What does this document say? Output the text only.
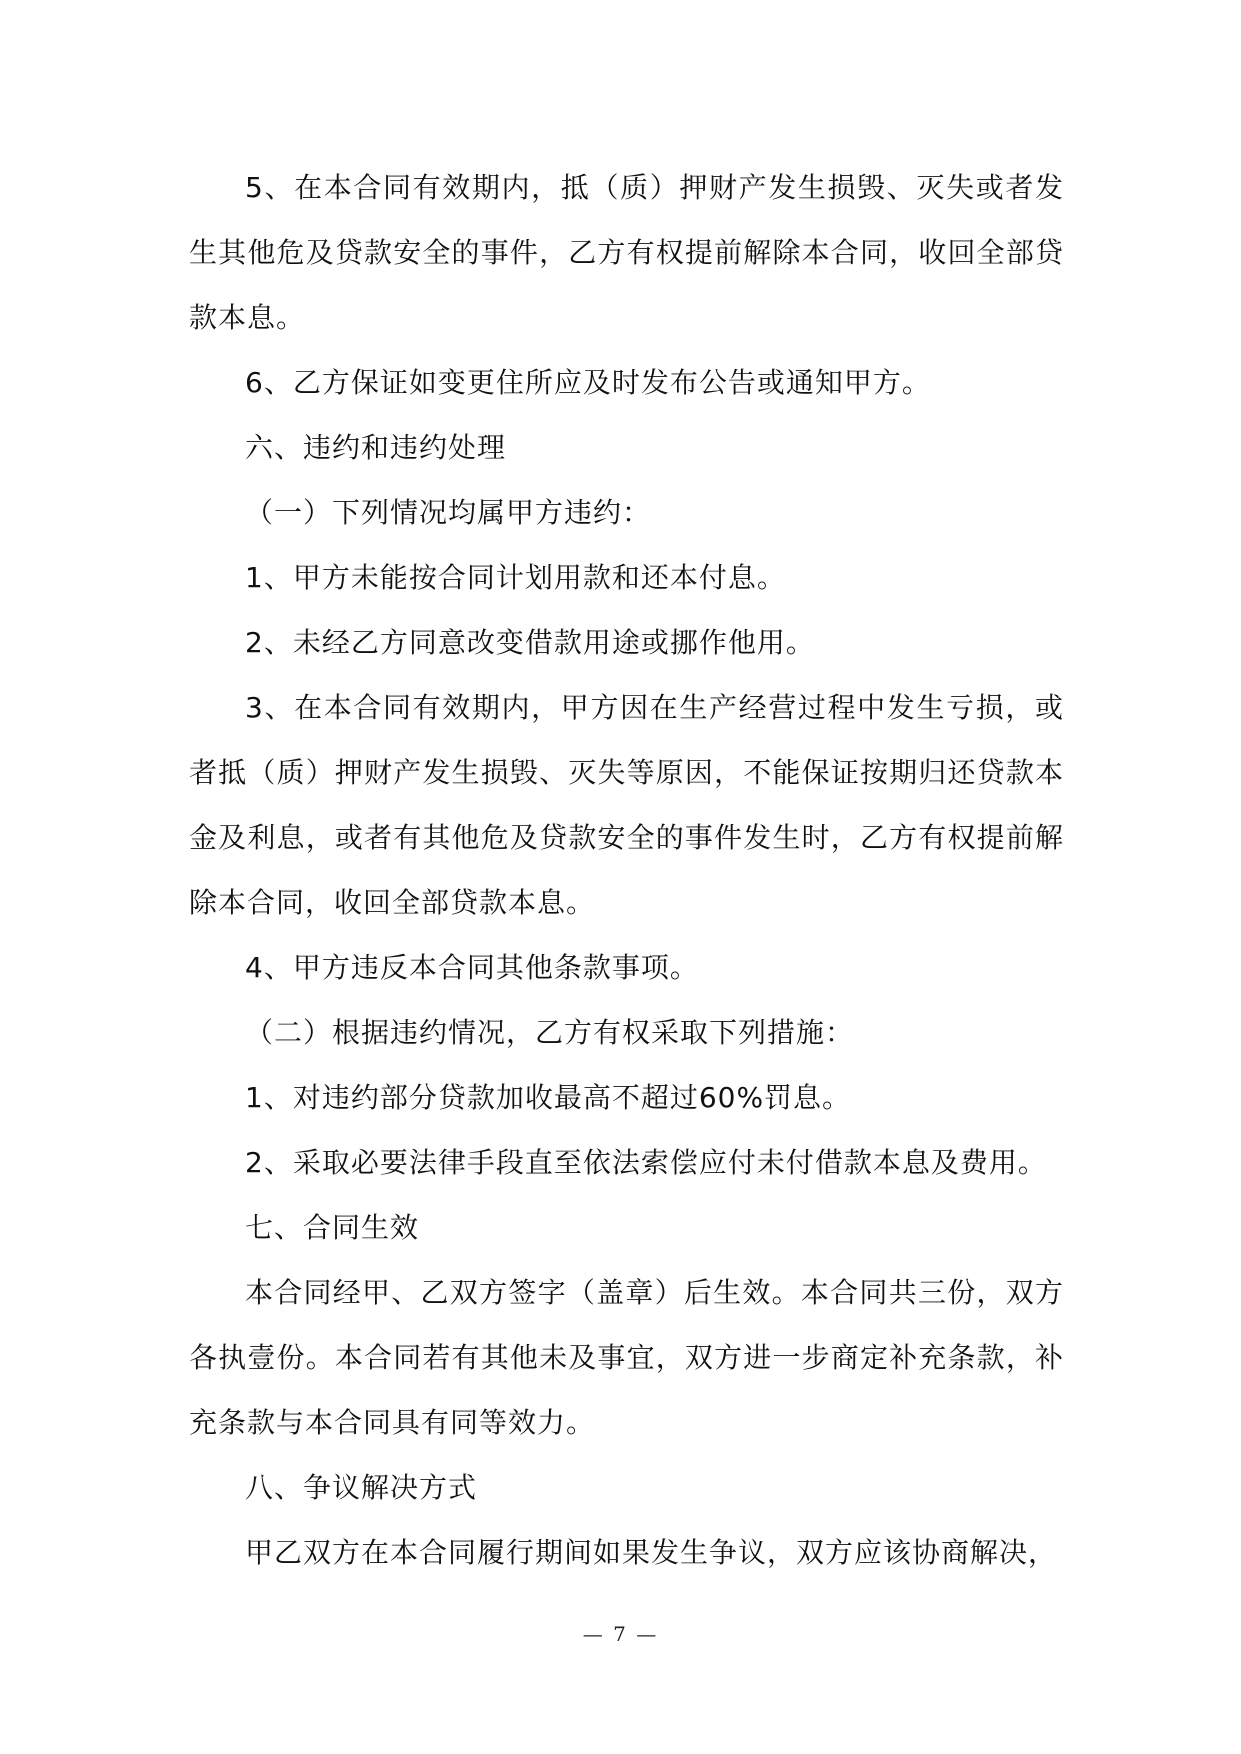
5、在本合同有效期内，抵（质）押财产发生损毁、灭失或者发生其他危及贷款安全的事件，乙方有权提前解除本合同，收回全部贷款本息。

6、乙方保证如变更住所应及时发布公告或通知甲方。

六、违约和违约处理

（一）下列情况均属甲方违约：

1、甲方未能按合同计划用款和还本付息。

2、未经乙方同意改变借款用途或挪作他用。

3、在本合同有效期内，甲方因在生产经营过程中发生亏损，或者抵（质）押财产发生损毁、灭失等原因，不能保证按期归还贷款本金及利息，或者有其他危及贷款安全的事件发生时，乙方有权提前解除本合同，收回全部贷款本息。

4、甲方违反本合同其他条款事项。

（二）根据违约情况，乙方有权采取下列措施：

1、对违约部分贷款加收最高不超过60%罚息。

2、采取必要法律手段直至依法索偿应付未付借款本息及费用。

七、合同生效

本合同经甲、乙双方签字（盖章）后生效。本合同共三份，双方各执壹份。本合同若有其他未及事宜，双方进一步商定补充条款，补充条款与本合同具有同等效力。

八、争议解决方式

甲乙双方在本合同履行期间如果发生争议，双方应该协商解决，

— 7 —
